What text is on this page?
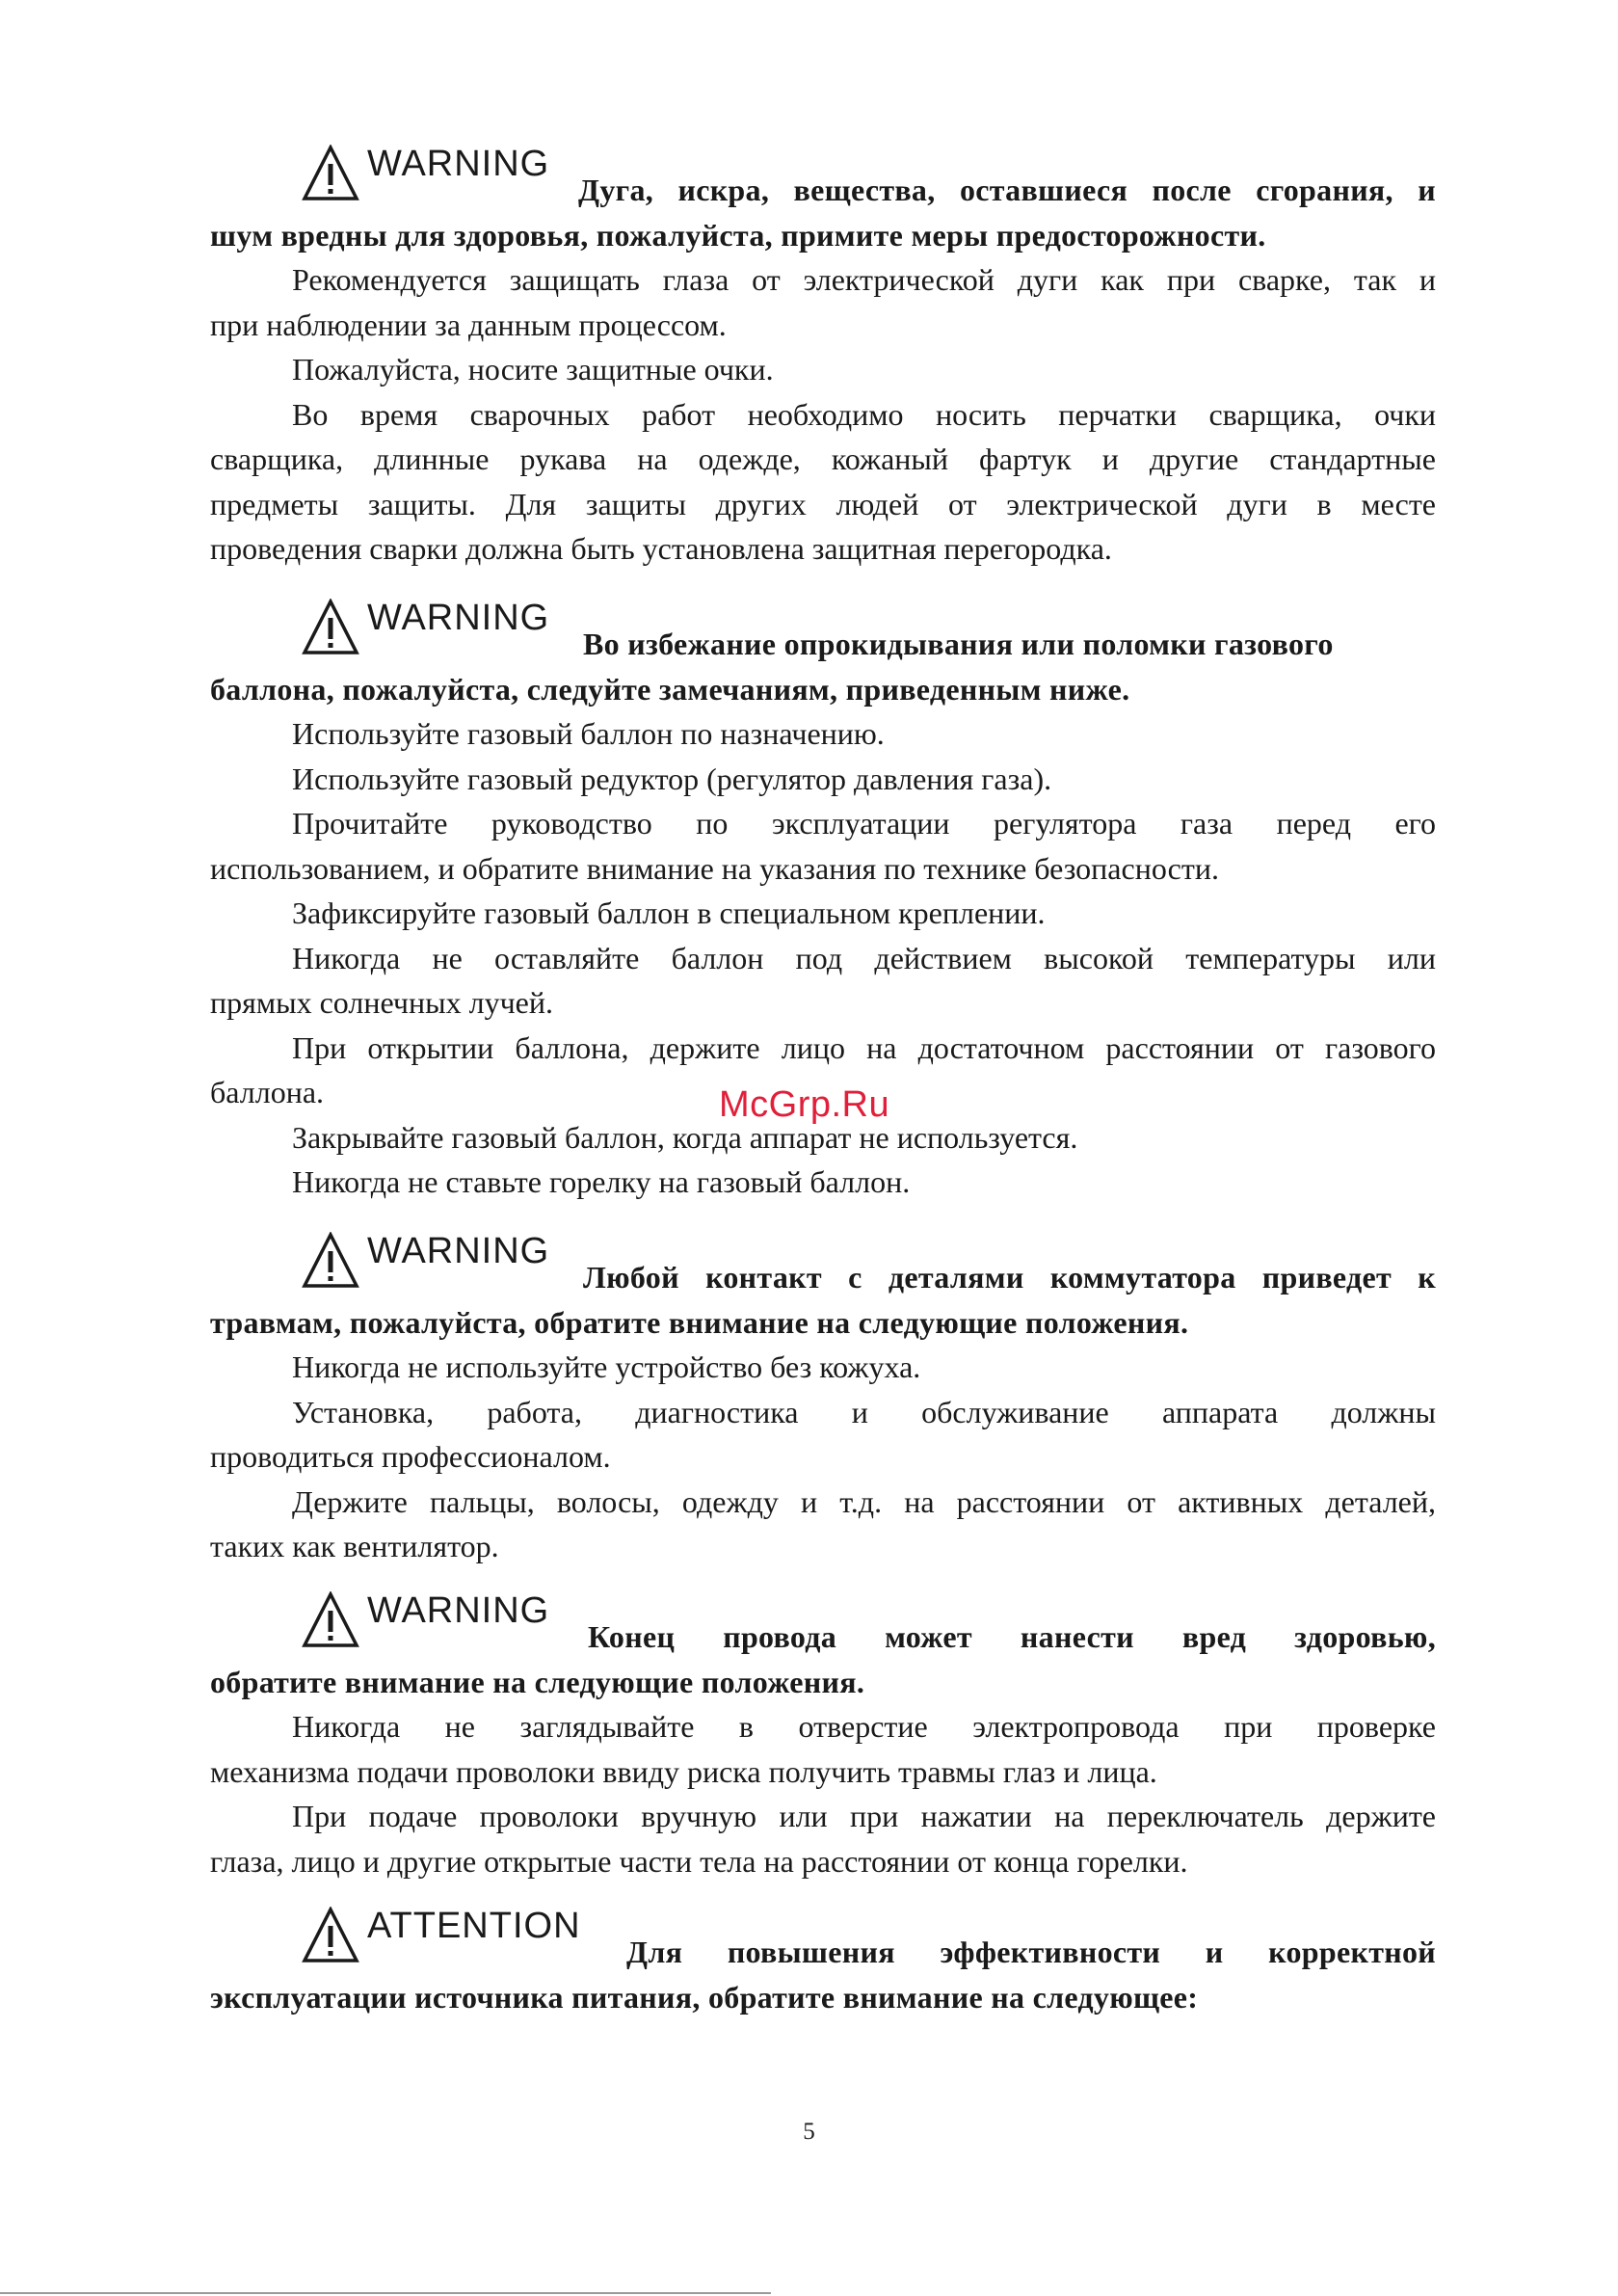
WARNING
Дуга, искра, вещества, оставшиеся после сгорания, и
шум вредны для здоровья, пожалуйста, примите меры предосторожности.
Рекомендуется защищать глаза от электрической дуги как при сварке, так и
при наблюдении за данным процессом.
Пожалуйста, носите защитные очки.
Во время сварочных работ необходимо носить перчатки сварщика, очки
сварщика, длинные рукава на одежде, кожаный фартук и другие стандартные
предметы защиты. Для защиты других людей от электрической дуги в месте
проведения сварки должна быть установлена защитная перегородка.
WARNING
Во избежание опрокидывания или поломки газового
баллона, пожалуйста, следуйте замечаниям, приведенным ниже.
Используйте газовый баллон по назначению.
Используйте газовый редуктор (регулятор давления газа).
Прочитайте руководство по эксплуатации регулятора газа перед его
использованием, и обратите внимание на указания по технике безопасности.
Зафиксируйте газовый баллон в специальном креплении.
Никогда не оставляйте баллон под действием высокой температуры или
прямых солнечных лучей.
При открытии баллона, держите лицо на достаточном расстоянии от газового
баллона.
Закрывайте газовый баллон, когда аппарат не используется.
Никогда не ставьте горелку на газовый баллон.
WARNING
Любой контакт с деталями коммутатора приведет к
травмам, пожалуйста, обратите внимание на следующие положения.
Никогда не используйте устройство без кожуха.
Установка, работа, диагностика и обслуживание аппарата должны
проводиться профессионалом.
Держите пальцы, волосы, одежду и т.д. на расстоянии от активных деталей,
таких как вентилятор.
WARNING
Конец провода может нанести вред здоровью,
обратите внимание на следующие положения.
Никогда не заглядывайте в отверстие электропровода при проверке
механизма подачи проволоки ввиду риска получить травмы глаз и лица.
При подаче проволоки вручную или при нажатии на переключатель держите
глаза, лицо и другие открытые части тела на расстоянии от конца горелки.
ATTENTION
Для повышения эффективности и корректной
эксплуатации источника питания, обратите внимание на следующее:
McGrp.Ru
5
